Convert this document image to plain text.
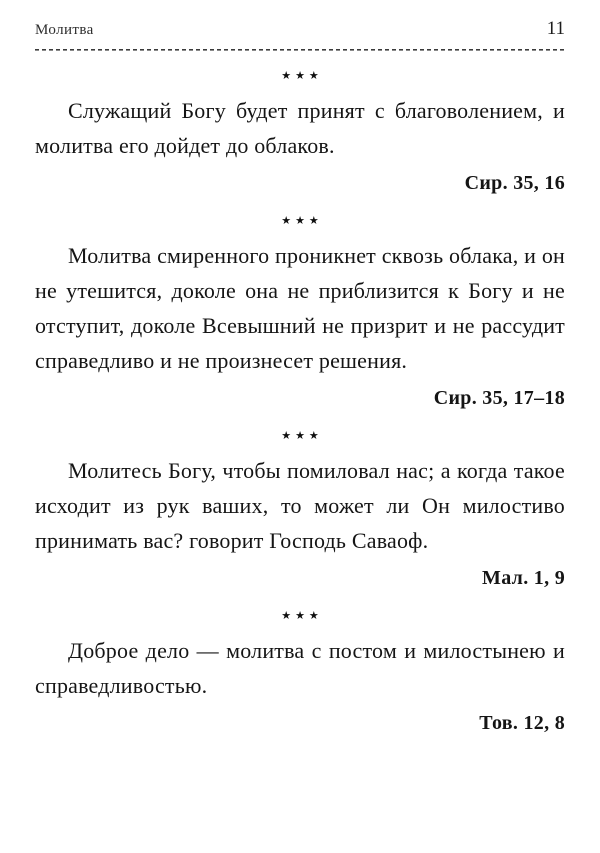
Молитва	11
★★★

Служащий Богу будет принят с благоволением, и молитва его дойдет до облаков.

Сир. 35, 16

★★★

Молитва смиренного проникнет сквозь облака, и он не утешится, доколе она не приблизится к Богу и не отступит, доколе Всевышний не призрит и не рассудит справедливо и не произнесет решения.

Сир. 35, 17–18

★★★

Молитесь Богу, чтобы помиловал нас; а когда такое исходит из рук ваших, то может ли Он милостиво принимать вас? говорит Господь Саваоф.

Мал. 1, 9

★★★

Доброе дело — молитва с постом и милостынею и справедливостью.

Тов. 12, 8
